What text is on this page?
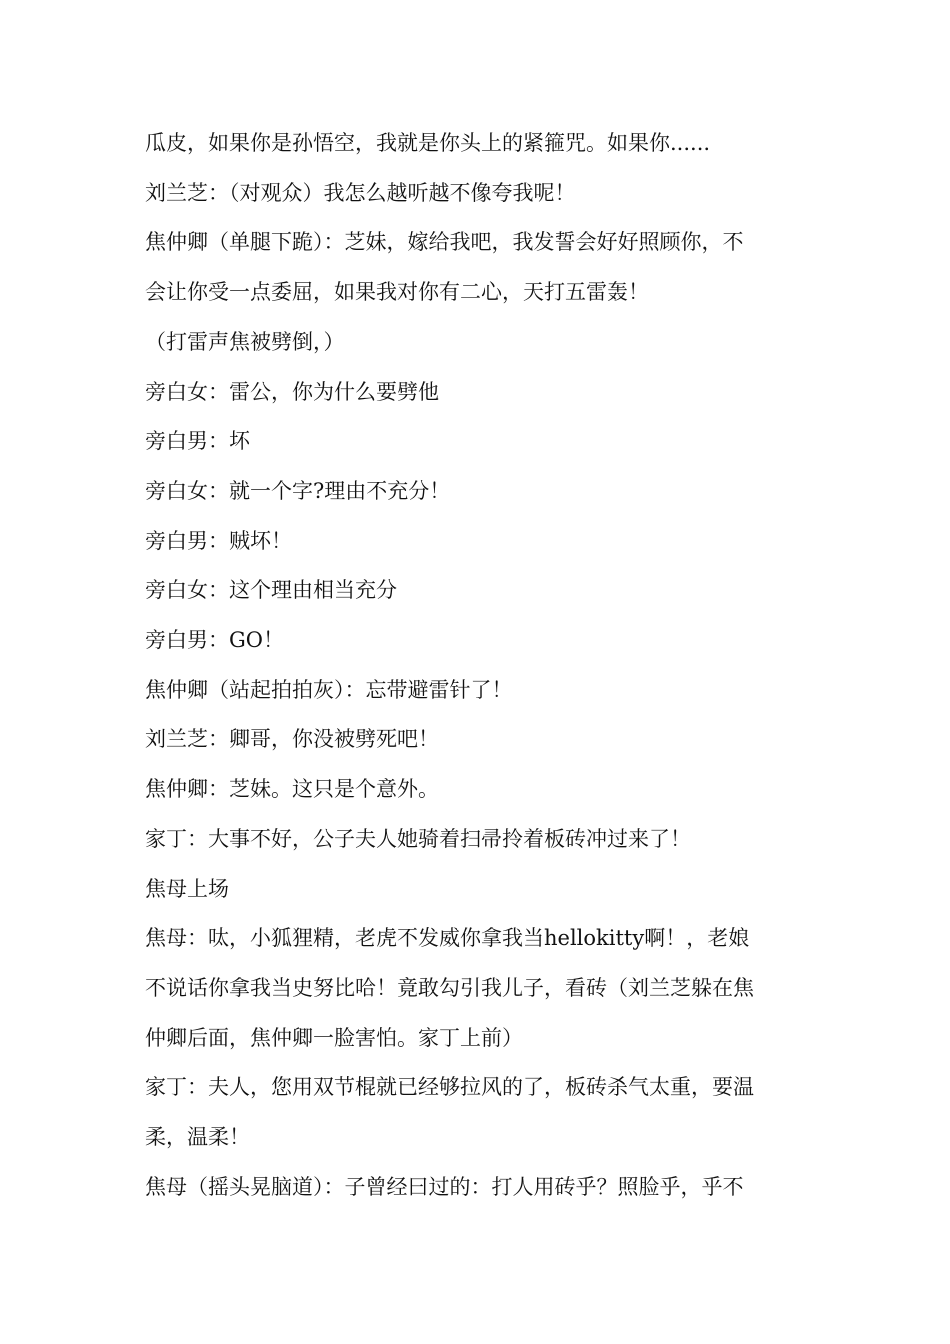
瓜皮，如果你是孙悟空，我就是你头上的紧箍咒。如果你......

刘兰芝：（对观众）我怎么越听越不像夸我呢！

焦仲卿（单腿下跪）：芝妹，嫁给我吧，我发誓会好好照顾你，不

会让你受一点委屈，如果我对你有二心，天打五雷轰！

（打雷声焦被劈倒，）

旁白女：雷公，你为什么要劈他

旁白男：坏

旁白女：就一个字?理由不充分！

旁白男：贼坏！

旁白女：这个理由相当充分

旁白男：GO！

焦仲卿（站起拍拍灰）：忘带避雷针了！

刘兰芝：卿哥，你没被劈死吧！

焦仲卿：芝妹。这只是个意外。

家丁：大事不好，公子夫人她骑着扫帚拎着板砖冲过来了！

焦母上场

焦母：呔，小狐狸精，老虎不发威你拿我当hellokitty啊！，老娘

不说话你拿我当史努比哈！竟敢勾引我儿子，看砖（刘兰芝躲在焦

仲卿后面，焦仲卿一脸害怕。家丁上前）

家丁：夫人，您用双节棍就已经够拉风的了，板砖杀气太重，要温

柔，温柔！

焦母（摇头晃脑道）：子曾经曰过的：打人用砖乎？照脸乎，乎不
